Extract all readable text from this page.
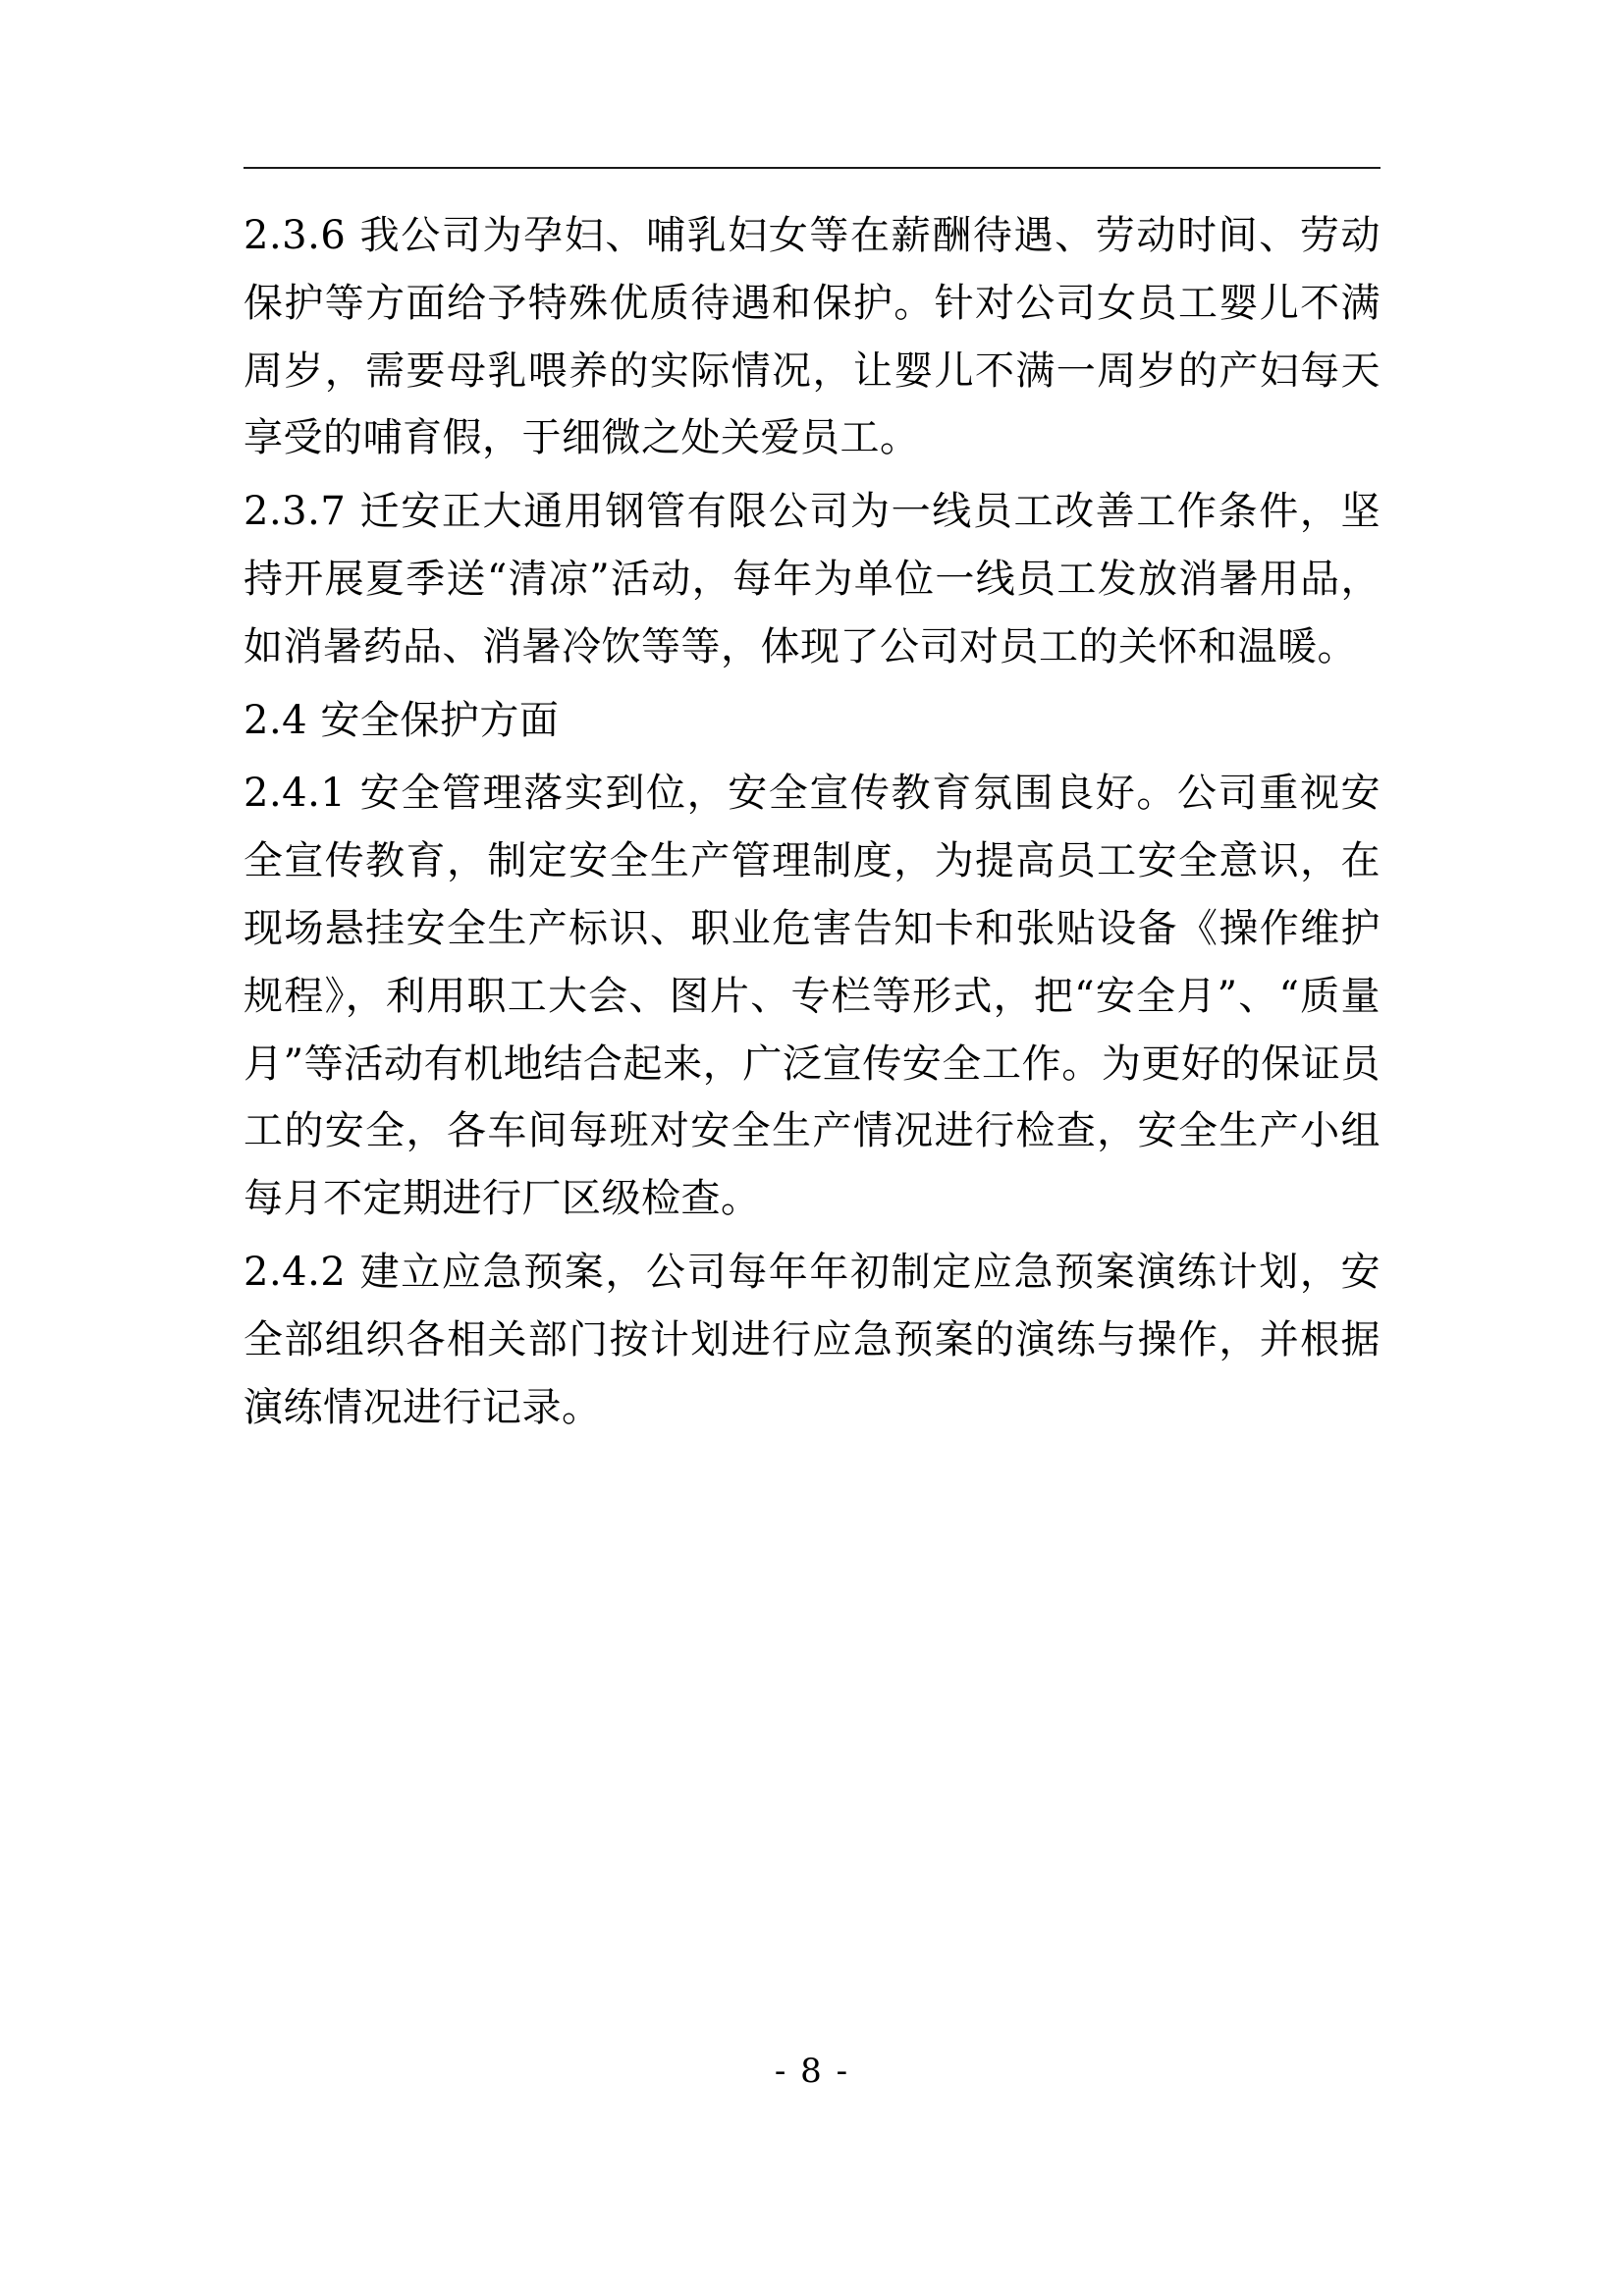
2.3.6 我公司为孕妇、哺乳妇女等在薪酬待遇、劳动时间、劳动保护等方面给予特殊优质待遇和保护。针对公司女员工婴儿不满周岁，需要母乳喂养的实际情况，让婴儿不满一周岁的产妇每天享受的哺育假，于细微之处关爱员工。

2.3.7 迁安正大通用钢管有限公司为一线员工改善工作条件，坚持开展夏季送“清凉”活动，每年为单位一线员工发放消暑用品，如消暑药品、消暑冷饮等等，体现了公司对员工的关怀和温暖。

2.4 安全保护方面

2.4.1 安全管理落实到位，安全宣传教育氛围良好。公司重视安全宣传教育，制定安全生产管理制度，为提高员工安全意识，在现场悬挂安全生产标识、职业危害告知卡和张贴设备《操作维护规程》，利用职工大会、图片、专栏等形式，把“安全月”、“质量月”等活动有机地结合起来，广泛宣传安全工作。为更好的保证员工的安全，各车间每班对安全生产情况进行检查，安全生产小组每月不定期进行厂区级检查。

2.4.2 建立应急预案，公司每年年初制定应急预案演练计划，安全部组织各相关部门按计划进行应急预案的演练与操作，并根据演练情况进行记录。

- 8 -
